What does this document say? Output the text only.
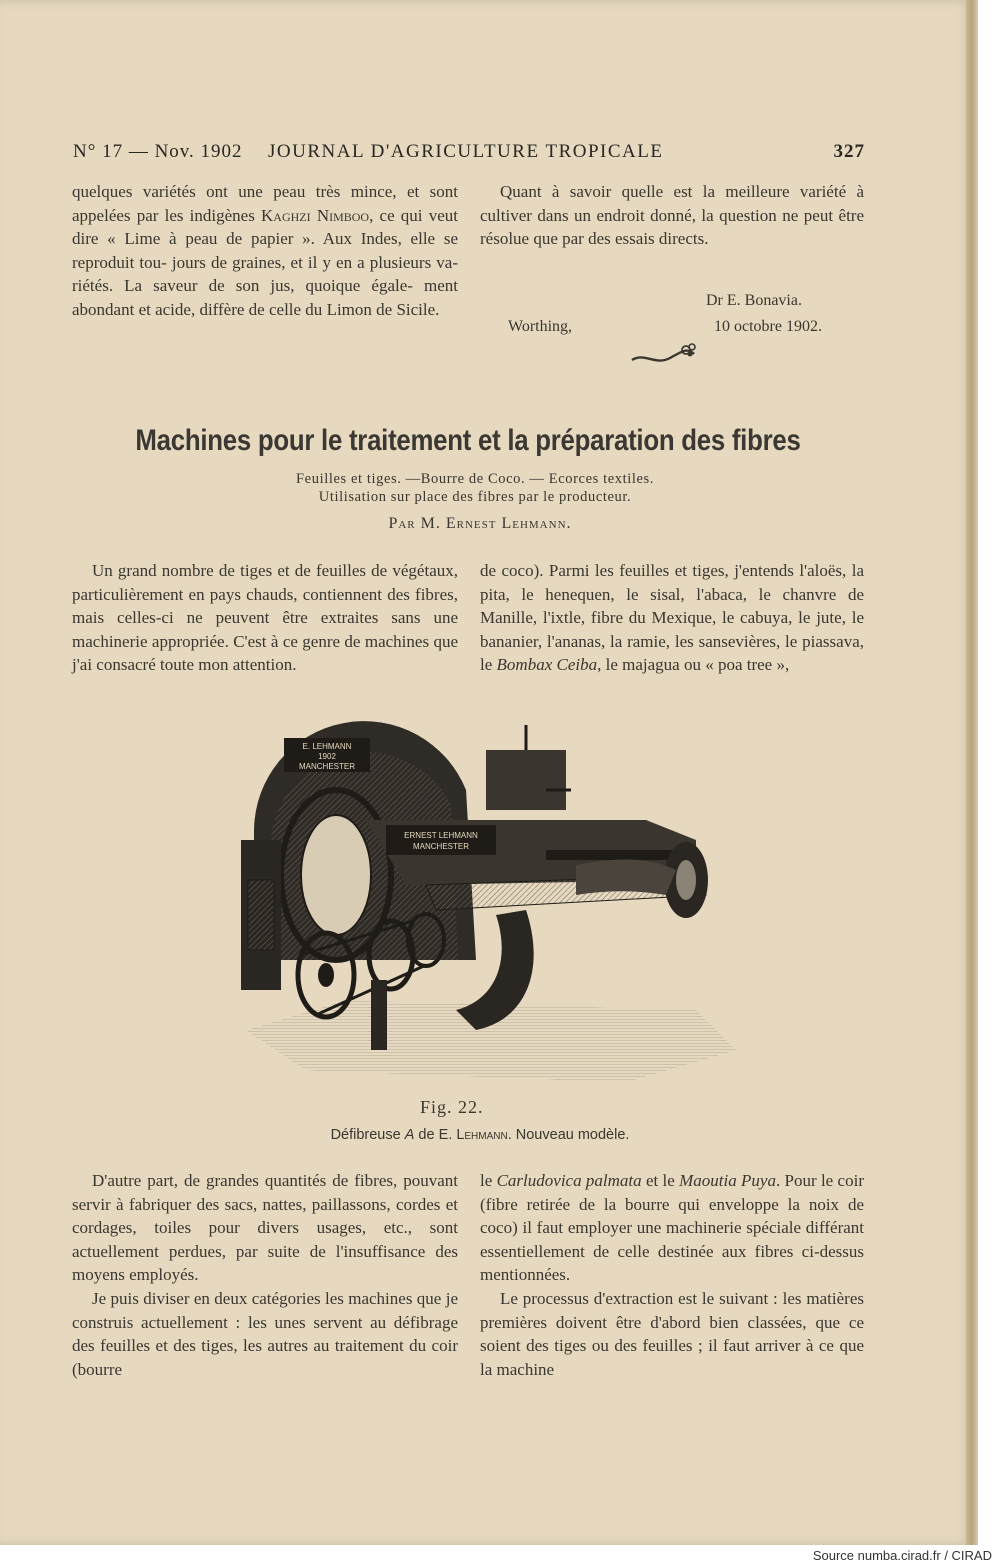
N° 17 — Nov. 1902 JOURNAL D'AGRICULTURE TROPICALE	327

quelques variétés ont une peau très mince, et sont appelées par les indigènes Kaghzi Nimboo, ce qui veut dire « Lime à peau de papier ». Aux Indes, elle se reproduit tou- jours de graines, et il y en a plusieurs va- riétés. La saveur de son jus, quoique égale- ment abondant et acide, diffère de celle du Limon de Sicile.

Quant à savoir quelle est la meilleure variété à cultiver dans un endroit donné, la question ne peut être résolue que par des essais directs.

Dr E. Bonavia.
Worthing,	10 octobre 1902.
Machines pour le traitement et la préparation des fibres
Feuilles et tiges. —Bourre de Coco. — Ecorces textiles.
Utilisation sur place des fibres par le producteur.
Par M. Ernest Lehmann.

Un grand nombre de tiges et de feuilles de végétaux, particulièrement en pays chauds, contiennent des fibres, mais celles-ci ne peuvent être extraites sans une machinerie appropriée. C'est à ce genre de machines que j'ai consacré toute mon attention.

de coco). Parmi les feuilles et tiges, j'entends l'aloës, la pita, le henequen, le sisal, l'abaca, le chanvre de Manille, l'ixtle, fibre du Mexique, le cabuya, le jute, le bananier, l'ananas, la ramie, les sansevières, le piassava, le Bombax Ceiba, le majagua ou « poa tree »,

E. LEHMANN
1902
MANCHESTER
ERNEST LEHMANN
MANCHESTER
Fig. 22.
Défibreuse A de E. Lehmann. Nouveau modèle.

D'autre part, de grandes quantités de fibres, pouvant servir à fabriquer des sacs, nattes, paillassons, cordes et cordages, toiles pour divers usages, etc., sont actuellement perdues, par suite de l'insuffisance des moyens employés.

Je puis diviser en deux catégories les machines que je construis actuellement : les unes servent au défibrage des feuilles et des tiges, les autres au traitement du coir (bourre

le Carludovica palmata et le Maoutia Puya. Pour le coir (fibre retirée de la bourre qui enveloppe la noix de coco) il faut employer une machinerie spéciale différant essentiellement de celle destinée aux fibres ci-dessus mentionnées.

Le processus d'extraction est le suivant : les matières premières doivent être d'abord bien classées, que ce soient des tiges ou des feuilles ; il faut arriver à ce que la machine

Source numba.cirad.fr / CIRAD
